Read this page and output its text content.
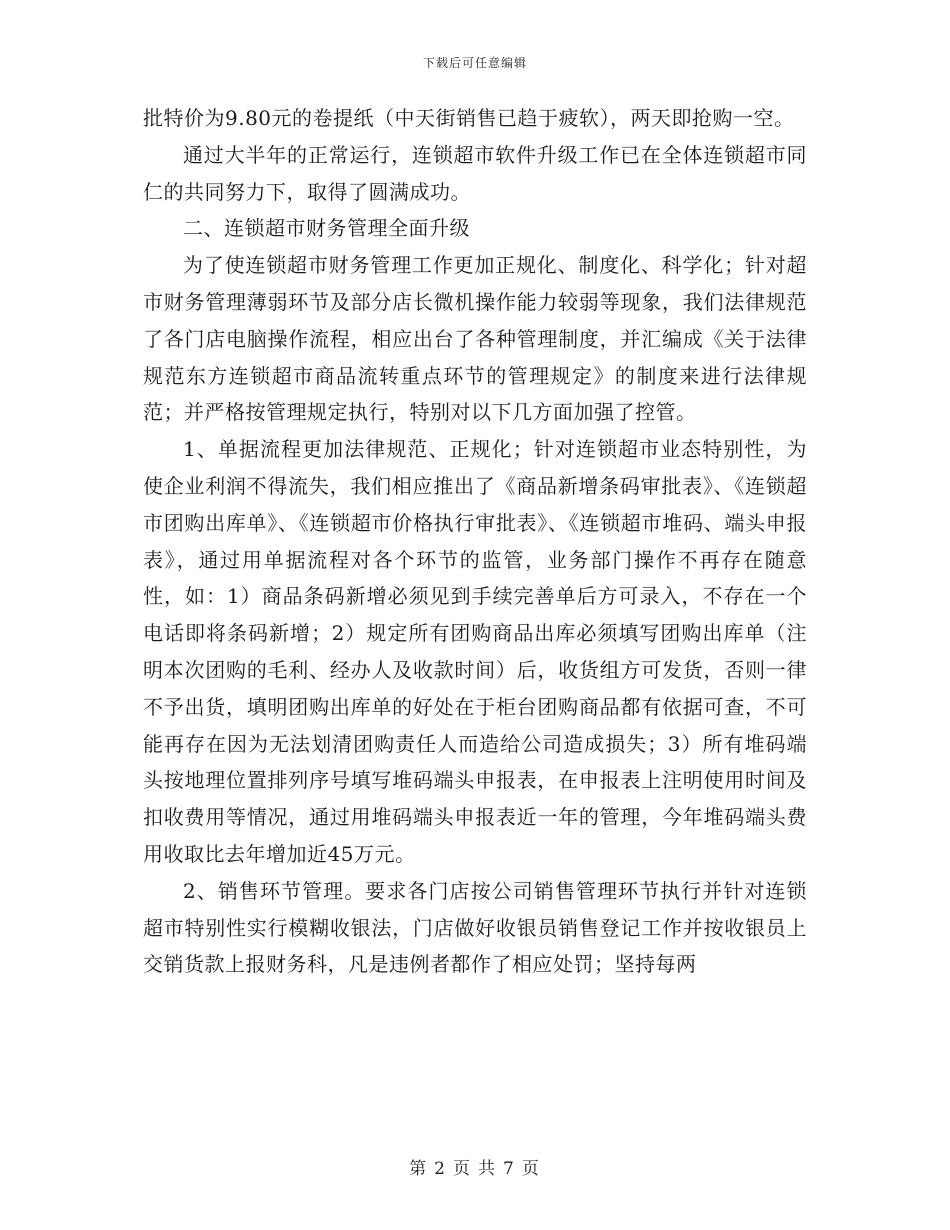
下载后可任意编辑

批特价为9.80元的卷提纸（中天街销售已趋于疲软），两天即抢购一空。

通过大半年的正常运行，连锁超市软件升级工作已在全体连锁超市同仁的共同努力下，取得了圆满成功。

二、连锁超市财务管理全面升级

为了使连锁超市财务管理工作更加正规化、制度化、科学化；针对超市财务管理薄弱环节及部分店长微机操作能力较弱等现象，我们法律规范了各门店电脑操作流程，相应出台了各种管理制度，并汇编成《关于法律规范东方连锁超市商品流转重点环节的管理规定》的制度来进行法律规范；并严格按管理规定执行，特别对以下几方面加强了控管。

1、单据流程更加法律规范、正规化；针对连锁超市业态特别性，为使企业利润不得流失，我们相应推出了《商品新增条码审批表》、《连锁超市团购出库单》、《连锁超市价格执行审批表》、《连锁超市堆码、端头申报表》，通过用单据流程对各个环节的监管，业务部门操作不再存在随意性，如：1）商品条码新增必须见到手续完善单后方可录入，不存在一个电话即将条码新增；2）规定所有团购商品出库必须填写团购出库单（注明本次团购的毛利、经办人及收款时间）后，收货组方可发货，否则一律不予出货，填明团购出库单的好处在于柜台团购商品都有依据可查，不可能再存在因为无法划清团购责任人而造给公司造成损失；3）所有堆码端头按地理位置排列序号填写堆码端头申报表，在申报表上注明使用时间及扣收费用等情况，通过用堆码端头申报表近一年的管理，今年堆码端头费用收取比去年增加近45万元。

2、销售环节管理。要求各门店按公司销售管理环节执行并针对连锁超市特别性实行模糊收银法，门店做好收银员销售登记工作并按收银员上交销货款上报财务科，凡是违例者都作了相应处罚；坚持每两

第 2 页 共 7 页
